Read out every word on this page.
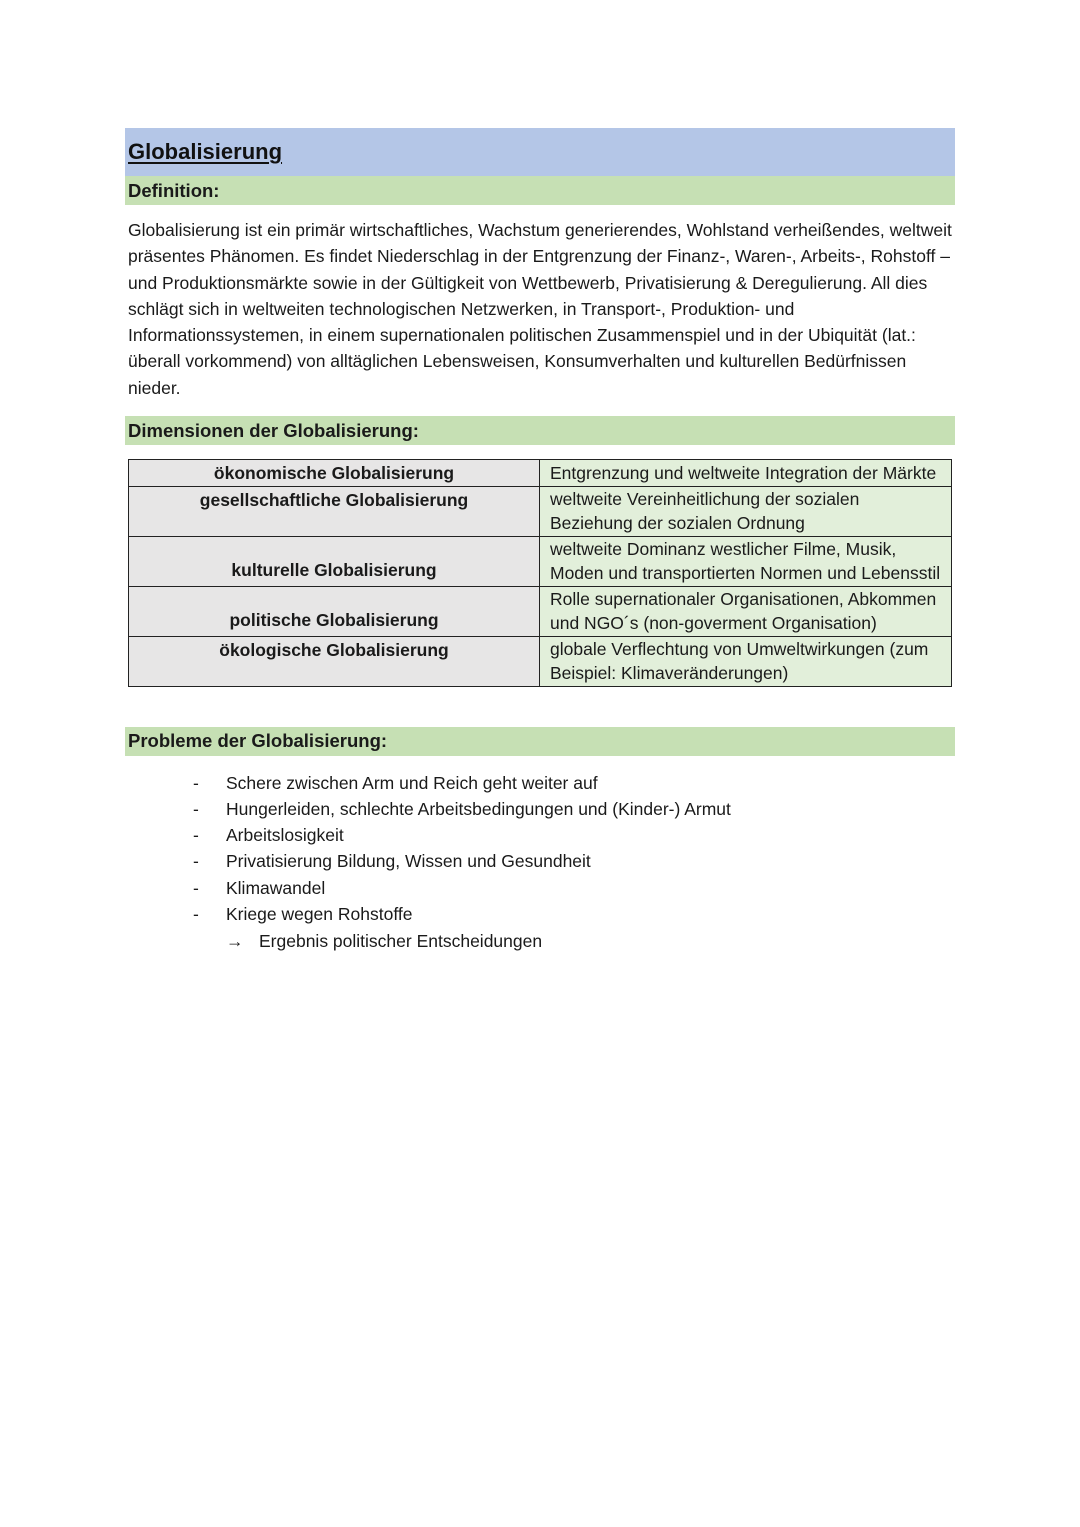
Globalisierung
Definition:

Globalisierung ist ein primär wirtschaftliches, Wachstum generierendes, Wohlstand verheißendes, weltweit präsentes Phänomen. Es findet Niederschlag in der Entgrenzung der Finanz-, Waren-, Arbeits-, Rohstoff – und Produktionsmärkte sowie in der Gültigkeit von Wettbewerb, Privatisierung & Deregulierung. All dies schlägt sich in weltweiten technologischen Netzwerken, in Transport-, Produktion- und Informationssystemen, in einem supernationalen politischen Zusammenspiel und in der Ubiquität (lat.: überall vorkommend) von alltäglichen Lebensweisen, Konsumverhalten und kulturellen Bedürfnissen nieder.

Dimensionen der Globalisierung:
ökonomische Globalisierung	Entgrenzung und weltweite Integration der Märkte
gesellschaftliche Globalisierung	weltweite Vereinheitlichung der sozialen Beziehung der sozialen Ordnung
kulturelle Globalisierung	weltweite Dominanz westlicher Filme, Musik, Moden und transportierten Normen und Lebensstil
politische Globalisierung	Rolle supernationaler Organisationen, Abkommen und NGO´s (non-goverment Organisation)
ökologische Globalisierung	globale Verflechtung von Umweltwirkungen (zum Beispiel: Klimaveränderungen)
Probleme der Globalisierung:
- Schere zwischen Arm und Reich geht weiter auf
- Hungerleiden, schlechte Arbeitsbedingungen und (Kinder-) Armut
- Arbeitslosigkeit
- Privatisierung Bildung, Wissen und Gesundheit
- Klimawandel
- Kriege wegen Rohstoffe
→ Ergebnis politischer Entscheidungen
